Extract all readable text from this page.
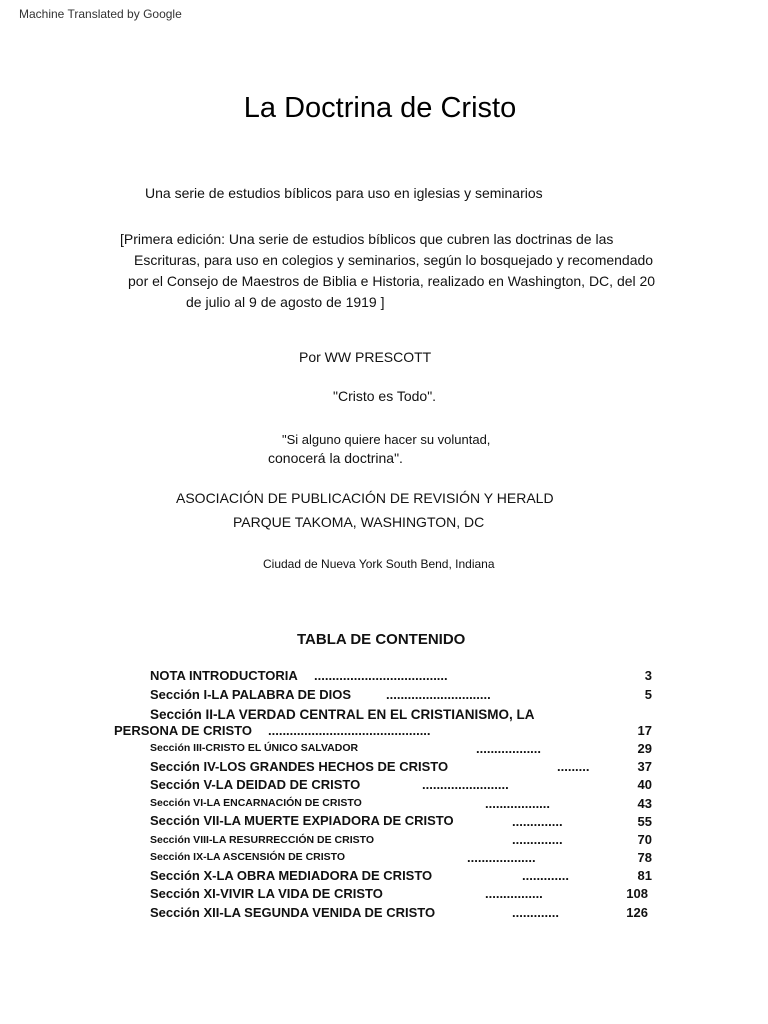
Machine Translated by Google
La Doctrina de Cristo
Una serie de estudios bíblicos para uso en iglesias y seminarios
[Primera edición: Una serie de estudios bíblicos que cubren las doctrinas de las
Escrituras, para uso en colegios y seminarios, según lo bosquejado y recomendado
por el Consejo de Maestros de Biblia e Historia, realizado en Washington, DC, del 20
de julio al 9 de agosto de 1919 ]
Por WW PRESCOTT
"Cristo es Todo".
"Si alguno quiere hacer su voluntad,
conocerá la doctrina".
ASOCIACIÓN DE PUBLICACIÓN DE REVISIÓN Y HERALD
PARQUE TAKOMA, WASHINGTON, DC
Ciudad de Nueva York South Bend, Indiana
TABLA DE CONTENIDO
NOTA INTRODUCTORIA .....................................	3
Sección I-LA PALABRA DE DIOS	.............................	5
Sección II-LA VERDAD CENTRAL EN EL CRISTIANISMO, LA
PERSONA DE CRISTO .............................................	17
Sección III-CRISTO EL ÚNICO SALVADOR	..................	29
Sección IV-LOS GRANDES HECHOS DE CRISTO	.........	37
Sección V-LA DEIDAD DE CRISTO	........................	40
Sección VI-LA ENCARNACIÓN DE CRISTO	..................	43
Sección VII-LA MUERTE EXPIADORA DE CRISTO	..............	55
Sección VIII-LA RESURRECCIÓN DE CRISTO	..............	70
Sección IX-LA ASCENSIÓN DE CRISTO	...................	78
Sección X-LA OBRA MEDIADORA DE CRISTO	.............	81
Sección XI-VIVIR LA VIDA DE CRISTO	................	108
Sección XII-LA SEGUNDA VENIDA DE CRISTO	.............	126
